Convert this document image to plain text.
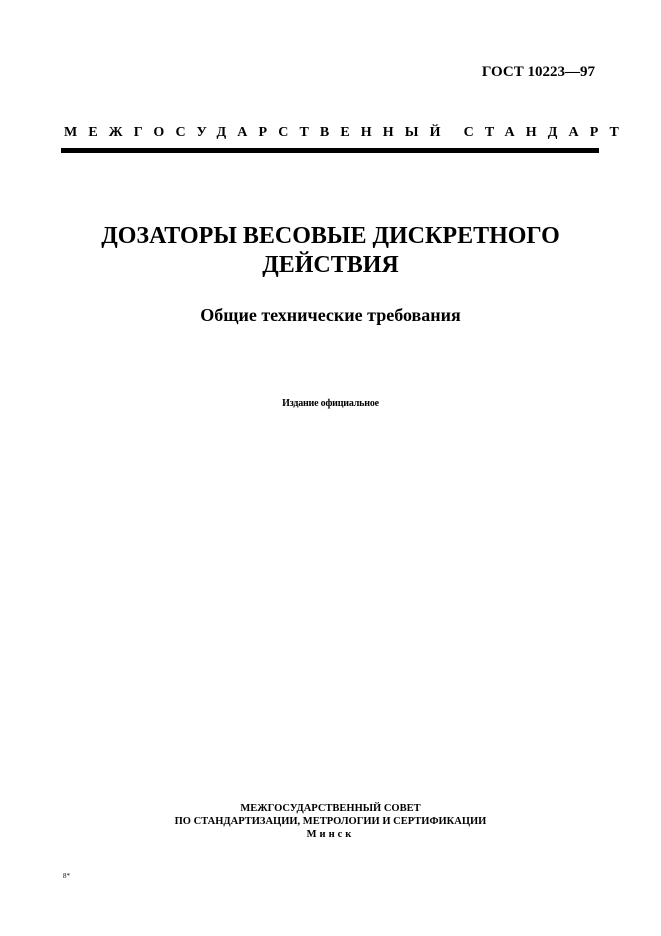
ГОСТ 10223—97
МЕЖГОСУДАРСТВЕННЫЙ СТАНДАРТ
ДОЗАТОРЫ ВЕСОВЫЕ ДИСКРЕТНОГО
ДЕЙСТВИЯ
Общие технические требования
Издание официальное
МЕЖГОСУДАРСТВЕННЫЙ СОВЕТ
ПО СТАНДАРТИЗАЦИИ, МЕТРОЛОГИИ И СЕРТИФИКАЦИИ
Минск
8*
